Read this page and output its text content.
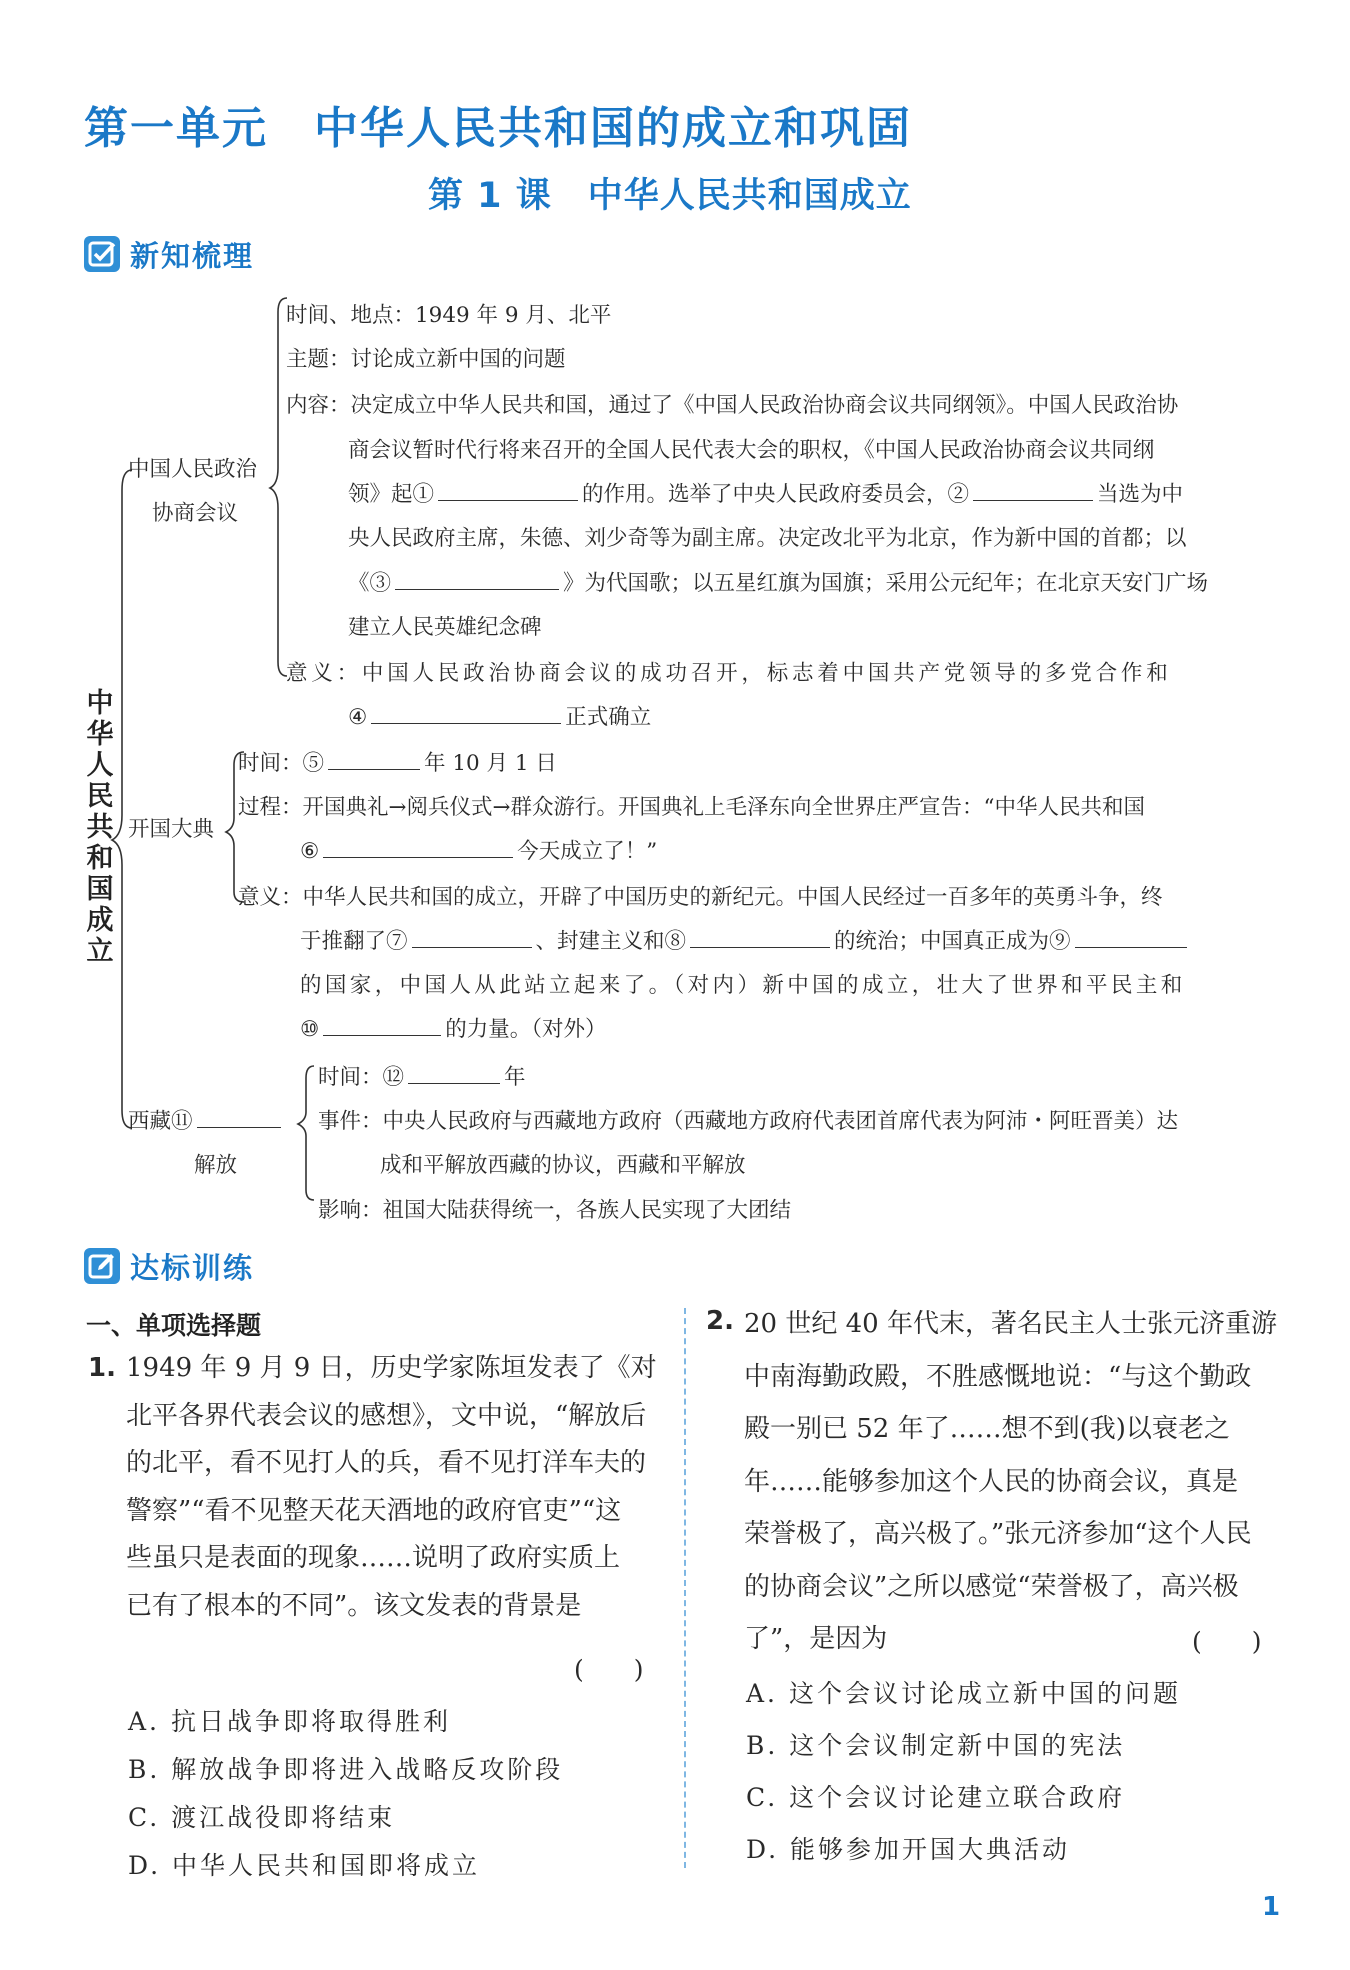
第一单元　中华人民共和国的成立和巩固
第 1 课　中华人民共和国成立
新知梳理
中华人民共和国成立
中国人民政治
协商会议
时间、地点：1949 年 9 月、北平
主题：讨论成立新中国的问题
内容：决定成立中华人民共和国，通过了《中国人民政治协商会议共同纲领》。中国人民政治协
商会议暂时代行将来召开的全国人民代表大会的职权，《中国人民政治协商会议共同纲
领》起①	的作用。选举了中央人民政府委员会，②	当选为中
央人民政府主席，朱德、刘少奇等为副主席。决定改北平为北京，作为新中国的首都；以
《③	》为代国歌；以五星红旗为国旗；采用公元纪年；在北京天安门广场
建立人民英雄纪念碑
意义：中国人民政治协商会议的成功召开，标志着中国共产党领导的多党合作和
④	正式确立
开国大典
时间：⑤	年 10 月 1 日
过程：开国典礼→阅兵仪式→群众游行。开国典礼上毛泽东向全世界庄严宣告：“中华人民共和国
⑥	今天成立了！”
意义：中华人民共和国的成立，开辟了中国历史的新纪元。中国人民经过一百多年的英勇斗争，终
于推翻了⑦	、封建主义和⑧	的统治；中国真正成为⑨
的国家，中国人从此站立起来了。（对内）新中国的成立，壮大了世界和平民主和
⑩	的力量。（对外）
西藏⑪
解放
时间：⑫	年
事件：中央人民政府与西藏地方政府（西藏地方政府代表团首席代表为阿沛・阿旺晋美）达
成和平解放西藏的协议，西藏和平解放
影响：祖国大陆获得统一，各族人民实现了大团结
达标训练
一、单项选择题
1. 1949 年 9 月 9 日，历史学家陈垣发表了《对
北平各界代表会议的感想》，文中说，“解放后
的北平，看不见打人的兵，看不见打洋车夫的
警察”“看不见整天花天酒地的政府官吏”“这
些虽只是表面的现象……说明了政府实质上
已有了根本的不同”。该文发表的背景是
(　　)
A. 抗日战争即将取得胜利
B. 解放战争即将进入战略反攻阶段
C. 渡江战役即将结束
D. 中华人民共和国即将成立
2. 20 世纪 40 年代末，著名民主人士张元济重游
中南海勤政殿，不胜感慨地说：“与这个勤政
殿一别已 52 年了……想不到(我)以衰老之
年……能够参加这个人民的协商会议，真是
荣誉极了，高兴极了。”张元济参加“这个人民
的协商会议”之所以感觉“荣誉极了，高兴极
了”，是因为	(　　)
A. 这个会议讨论成立新中国的问题
B. 这个会议制定新中国的宪法
C. 这个会议讨论建立联合政府
D. 能够参加开国大典活动
1
